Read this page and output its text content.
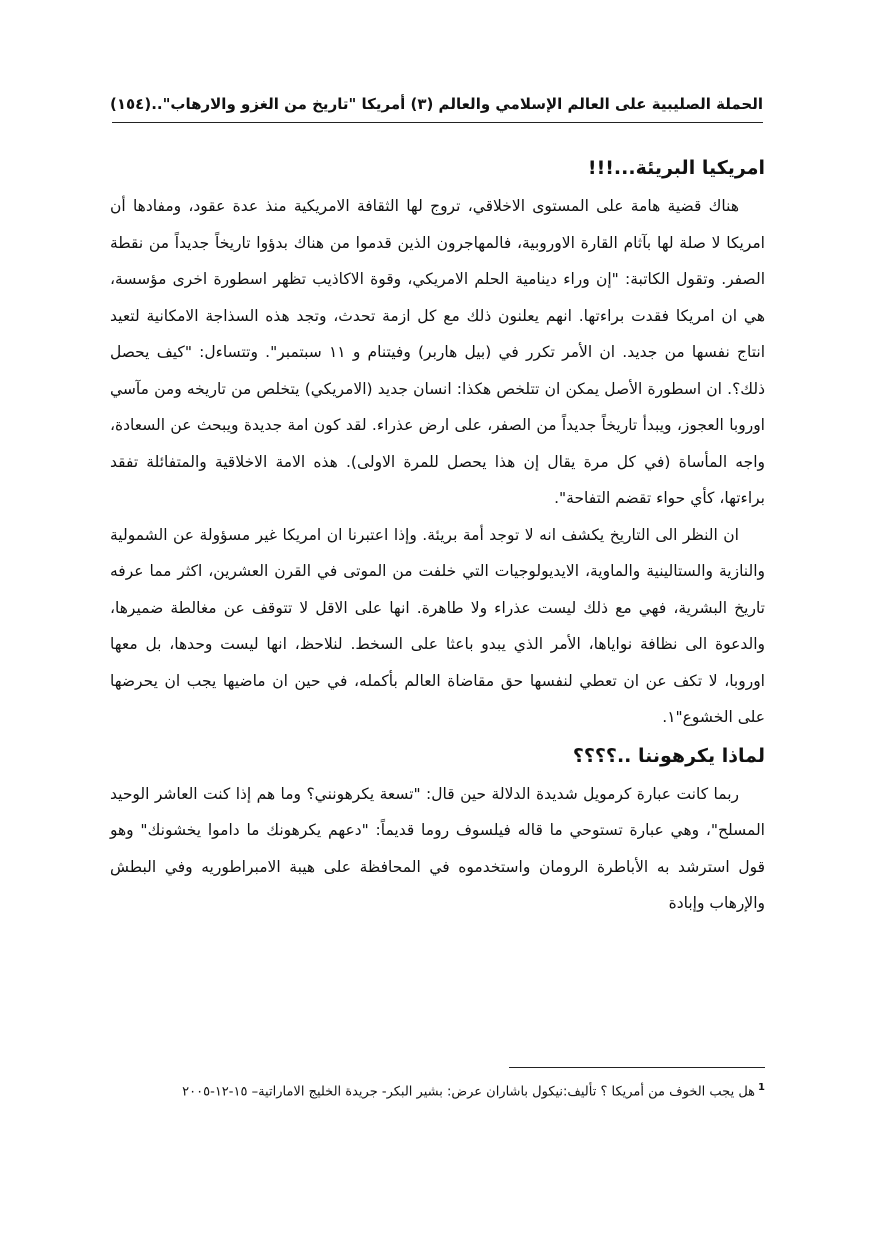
الحملة الصليبية على العالم الإسلامي والعالم (٣) أمريكا "تاريخ من الغزو والارهاب"..
(١٥٤)
امريكيا البريئة...!!!

هناك قضية هامة على المستوى الاخلاقي، تروج لها الثقافة الامريكية منذ عدة عقود، ومفادها أن امريكا لا صلة لها بآثام القارة الاوروبية، فالمهاجرون الذين قدموا من هناك بدؤوا تاريخاً جديداً من نقطة الصفر. وتقول الكاتبة: "إن وراء دينامية الحلم الامريكي، وقوة الاكاذيب تظهر اسطورة اخرى مؤسسة، هي ان امريكا فقدت براءتها. انهم يعلنون ذلك مع كل ازمة تحدث، وتجد هذه السذاجة الامكانية لتعيد انتاج نفسها من جديد. ان الأمر تكرر في (بيل هاربر) وفيتنام و ١١ سبتمبر". وتتساءل: "كيف يحصل ذلك؟. ان اسطورة الأصل يمكن ان تتلخص هكذا: انسان جديد (الامريكي) يتخلص من تاريخه ومن مآسي اوروبا العجوز، ويبدأ تاريخاً جديداً من الصفر، على ارض عذراء. لقد كون امة جديدة ويبحث عن السعادة، واجه المأساة (في كل مرة يقال إن هذا يحصل للمرة الاولى). هذه الامة الاخلاقية والمتفائلة تفقد براءتها، كأي حواء تقضم التفاحة".

ان النظر الى التاريخ يكشف انه لا توجد أمة بريئة. وإذا اعتبرنا ان امريكا غير مسؤولة عن الشمولية والنازية والستالينية والماوية، الايديولوجيات التي خلفت من الموتى في القرن العشرين، اكثر مما عرفه تاريخ البشرية، فهي مع ذلك ليست عذراء ولا طاهرة. انها على الاقل لا تتوقف عن مغالطة ضميرها، والدعوة الى نظافة نواياها، الأمر الذي يبدو باعثا على السخط. لنلاحظ، انها ليست وحدها، بل معها اوروبا، لا تكف عن ان تعطي لنفسها حق مقاضاة العالم بأكمله، في حين ان ماضيها يجب ان يحرضها على الخشوع"١.

لماذا يكرهوننا ..؟؟؟؟

ربما كانت عبارة كرمويل شديدة الدلالة حين قال: "تسعة يكرهونني؟ وما هم إذا كنت العاشر الوحيد المسلح"، وهي عبارة تستوحي ما قاله فيلسوف روما قديماً: "دعهم يكرهونك ما داموا يخشونك" وهو قول استرشد به الأباطرة الرومان واستخدموه في المحافظة على هيبة الامبراطوريه وفي البطش والإرهاب وإبادة

$^1$هل يجب الخوف من أمريكا ؟ تأليف:نيكول باشاران عرض: بشير البكر- جريدة الخليج الاماراتية– ١٥-١٢-٢٠٠٥
